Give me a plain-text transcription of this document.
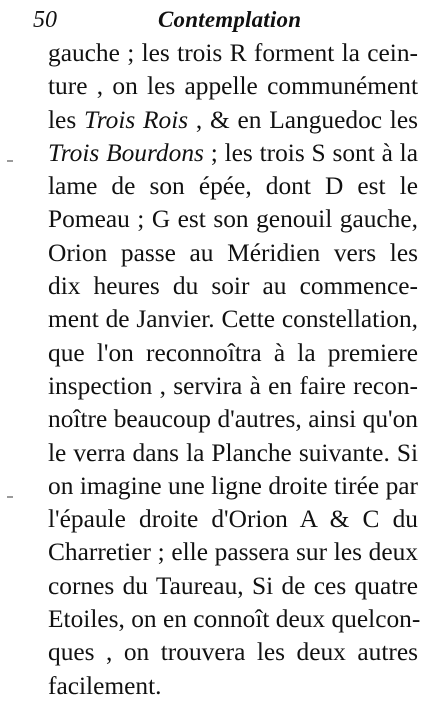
50	Contemplation
gauche ; les trois R forment la cein-
ture , on les appelle communément
les Trois Rois , & en Languedoc les
Trois Bourdons ; les trois S sont à la
lame de son épée, dont D est le
Pomeau ; G est son genouil gauche,
Orion passe au Méridien vers les
dix heures du soir au commence-
ment de Janvier. Cette constellation,
que l'on reconnoîtra à la premiere
inspection , servira à en faire recon-
noître beaucoup d'autres, ainsi qu'on
le verra dans la Planche suivante. Si
on imagine une ligne droite tirée par
l'épaule droite d'Orion A & C du
Charretier ; elle passera sur les deux
cornes du Taureau, Si de ces quatre
Etoiles, on en connoît deux quelcon-
ques , on trouvera les deux autres
facilement.
